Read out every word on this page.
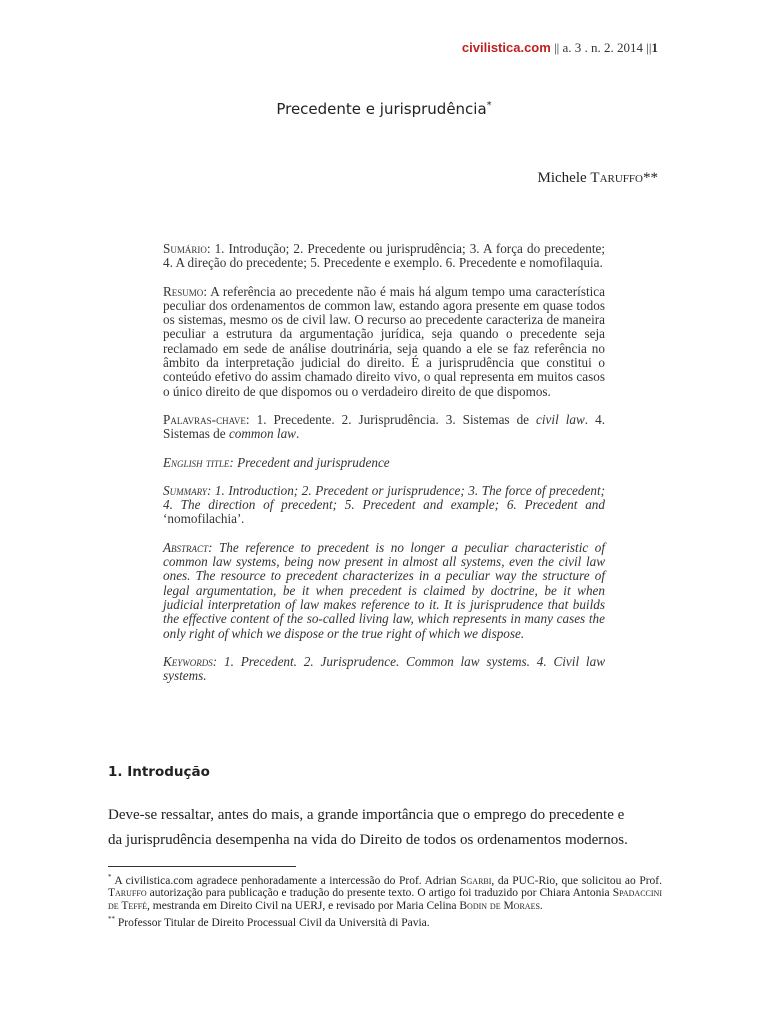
civilistica.com || a. 3 . n. 2. 2014 ||1
Precedente e jurisprudência*
Michele Taruffo**

Sumário: 1. Introdução; 2. Precedente ou jurisprudência; 3. A força do precedente; 4. A direção do precedente; 5. Precedente e exemplo. 6. Precedente e nomofilaquia.

Resumo: A referência ao precedente não é mais há algum tempo uma característica peculiar dos ordenamentos de common law, estando agora presente em quase todos os sistemas, mesmo os de civil law. O recurso ao precedente caracteriza de maneira peculiar a estrutura da argumentação jurídica, seja quando o precedente seja reclamado em sede de análise doutrinária, seja quando a ele se faz referência no âmbito da interpretação judicial do direito. É a jurisprudência que constitui o conteúdo efetivo do assim chamado direito vivo, o qual representa em muitos casos o único direito de que dispomos ou o verdadeiro direito de que dispomos.

Palavras-chave: 1. Precedente. 2. Jurisprudência. 3. Sistemas de civil law. 4. Sistemas de common law.

English title: Precedent and jurisprudence

Summary: 1. Introduction; 2. Precedent or jurisprudence; 3. The force of precedent; 4. The direction of precedent; 5. Precedent and example; 6. Precedent and ‘nomofilachia’.

Abstract: The reference to precedent is no longer a peculiar characteristic of common law systems, being now present in almost all systems, even the civil law ones. The resource to precedent characterizes in a peculiar way the structure of legal argumentation, be it when precedent is claimed by doctrine, be it when judicial interpretation of law makes reference to it. It is jurisprudence that builds the effective content of the so-called living law, which represents in many cases the only right of which we dispose or the true right of which we dispose.

Keywords: 1. Precedent. 2. Jurisprudence. Common law systems. 4. Civil law systems.

1. Introdução
Deve-se ressaltar, antes do mais, a grande importância que o emprego do precedente e
da jurisprudência desempenha na vida do Direito de todos os ordenamentos modernos.

* A civilistica.com agradece penhoradamente a intercessão do Prof. Adrian Sgarbi, da PUC-Rio, que solicitou ao Prof. Taruffo autorização para publicação e tradução do presente texto. O artigo foi traduzido por Chiara Antonia Spadaccini de Teffé, mestranda em Direito Civil na UERJ, e revisado por Maria Celina Bodin de Moraes.

** Professor Titular de Direito Processual Civil da Università di Pavia.
